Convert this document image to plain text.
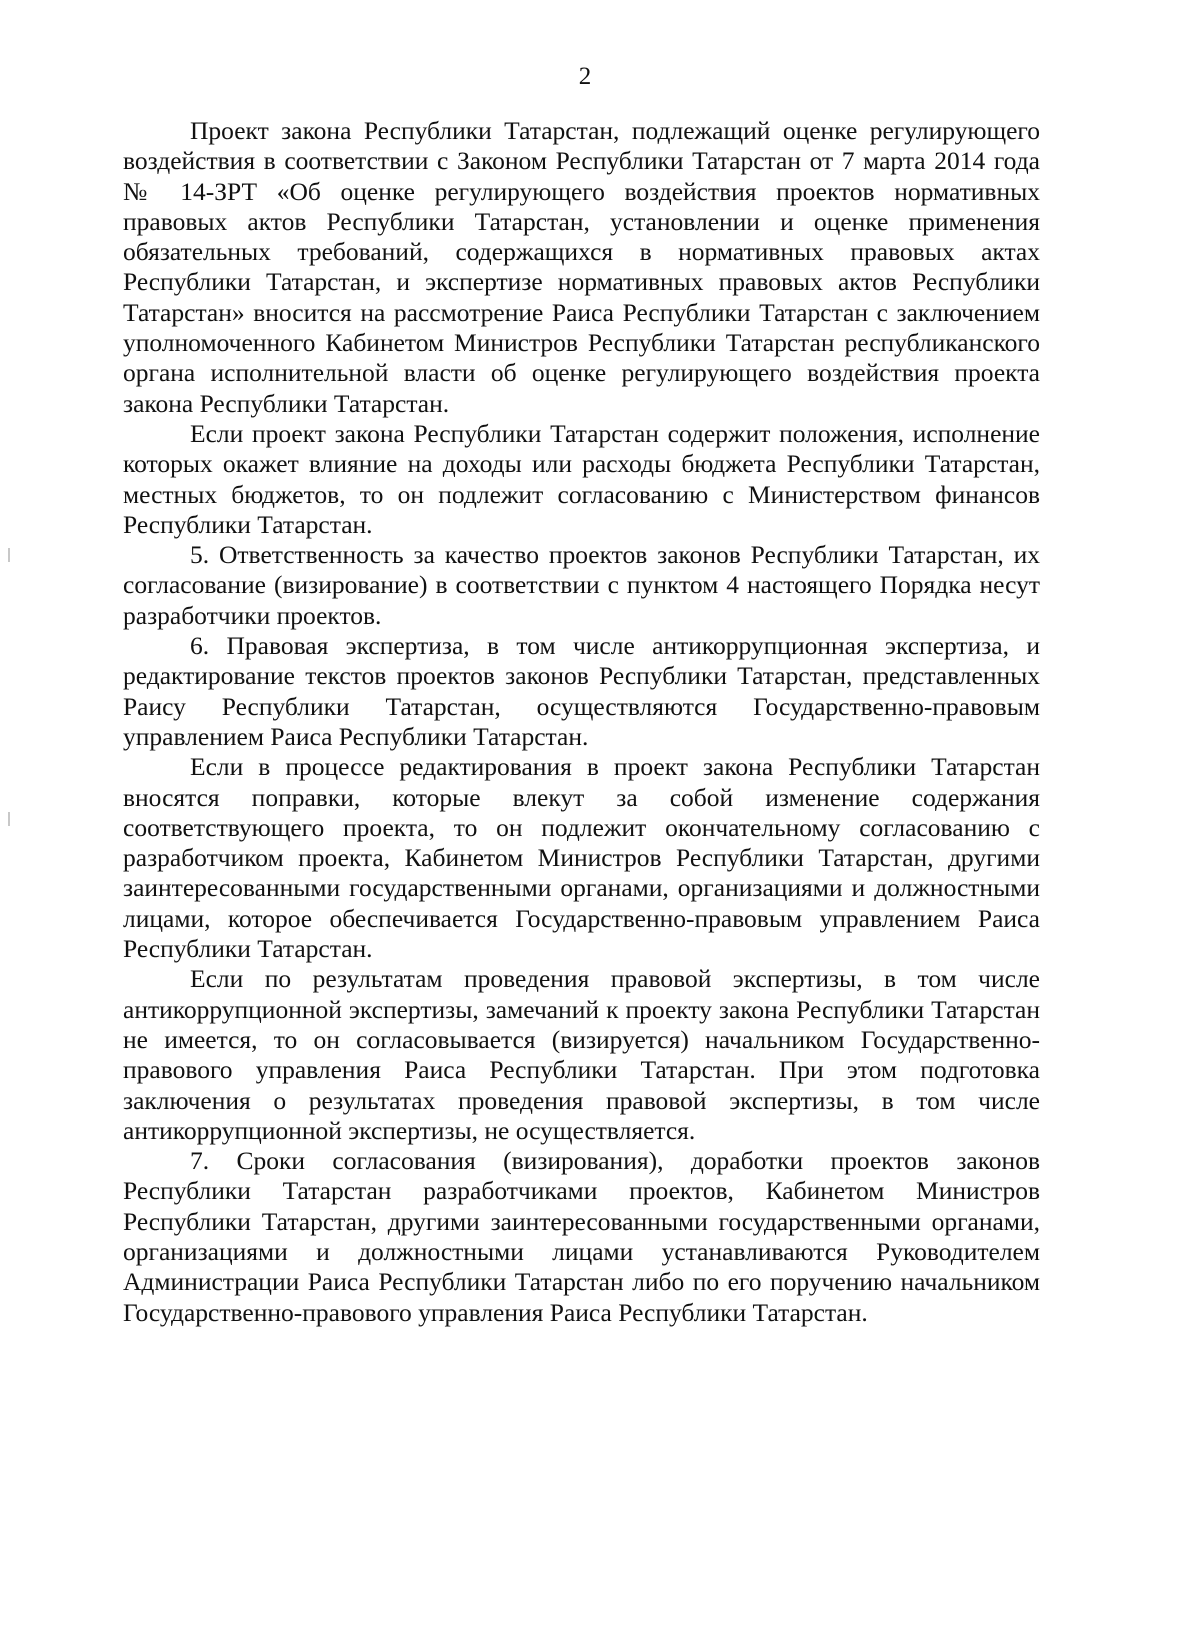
2

Проект закона Республики Татарстан, подлежащий оценке регулирующего воздействия в соответствии с Законом Республики Татарстан от 7 марта 2014 года № 14-ЗРТ «Об оценке регулирующего воздействия проектов нормативных правовых актов Республики Татарстан, установлении и оценке применения обязательных требований, содержащихся в нормативных правовых актах Республики Татарстан, и экспертизе нормативных правовых актов Республики Татарстан» вносится на рассмотрение Раиса Республики Татарстан с заключением уполномоченного Кабинетом Министров Республики Татарстан республиканского органа исполнительной власти об оценке регулирующего воздействия проекта закона Республики Татарстан.

Если проект закона Республики Татарстан содержит положения, исполнение которых окажет влияние на доходы или расходы бюджета Республики Татарстан, местных бюджетов, то он подлежит согласованию с Министерством финансов Республики Татарстан.

5. Ответственность за качество проектов законов Республики Татарстан, их согласование (визирование) в соответствии с пунктом 4 настоящего Порядка несут разработчики проектов.

6. Правовая экспертиза, в том числе антикоррупционная экспертиза, и редактирование текстов проектов законов Республики Татарстан, представленных Раису Республики Татарстан, осуществляются Государственно-правовым управлением Раиса Республики Татарстан.

Если в процессе редактирования в проект закона Республики Татарстан вносятся поправки, которые влекут за собой изменение содержания соответствующего проекта, то он подлежит окончательному согласованию с разработчиком проекта, Кабинетом Министров Республики Татарстан, другими заинтересованными государственными органами, организациями и должностными лицами, которое обеспечивается Государственно-правовым управлением Раиса Республики Татарстан.

Если по результатам проведения правовой экспертизы, в том числе антикоррупционной экспертизы, замечаний к проекту закона Республики Татарстан не имеется, то он согласовывается (визируется) начальником Государственно-правового управления Раиса Республики Татарстан. При этом подготовка заключения о результатах проведения правовой экспертизы, в том числе антикоррупционной экспертизы, не осуществляется.

7. Сроки согласования (визирования), доработки проектов законов Республики Татарстан разработчиками проектов, Кабинетом Министров Республики Татарстан, другими заинтересованными государственными органами, организациями и должностными лицами устанавливаются Руководителем Администрации Раиса Республики Татарстан либо по его поручению начальником Государственно-правового управления Раиса Республики Татарстан.
